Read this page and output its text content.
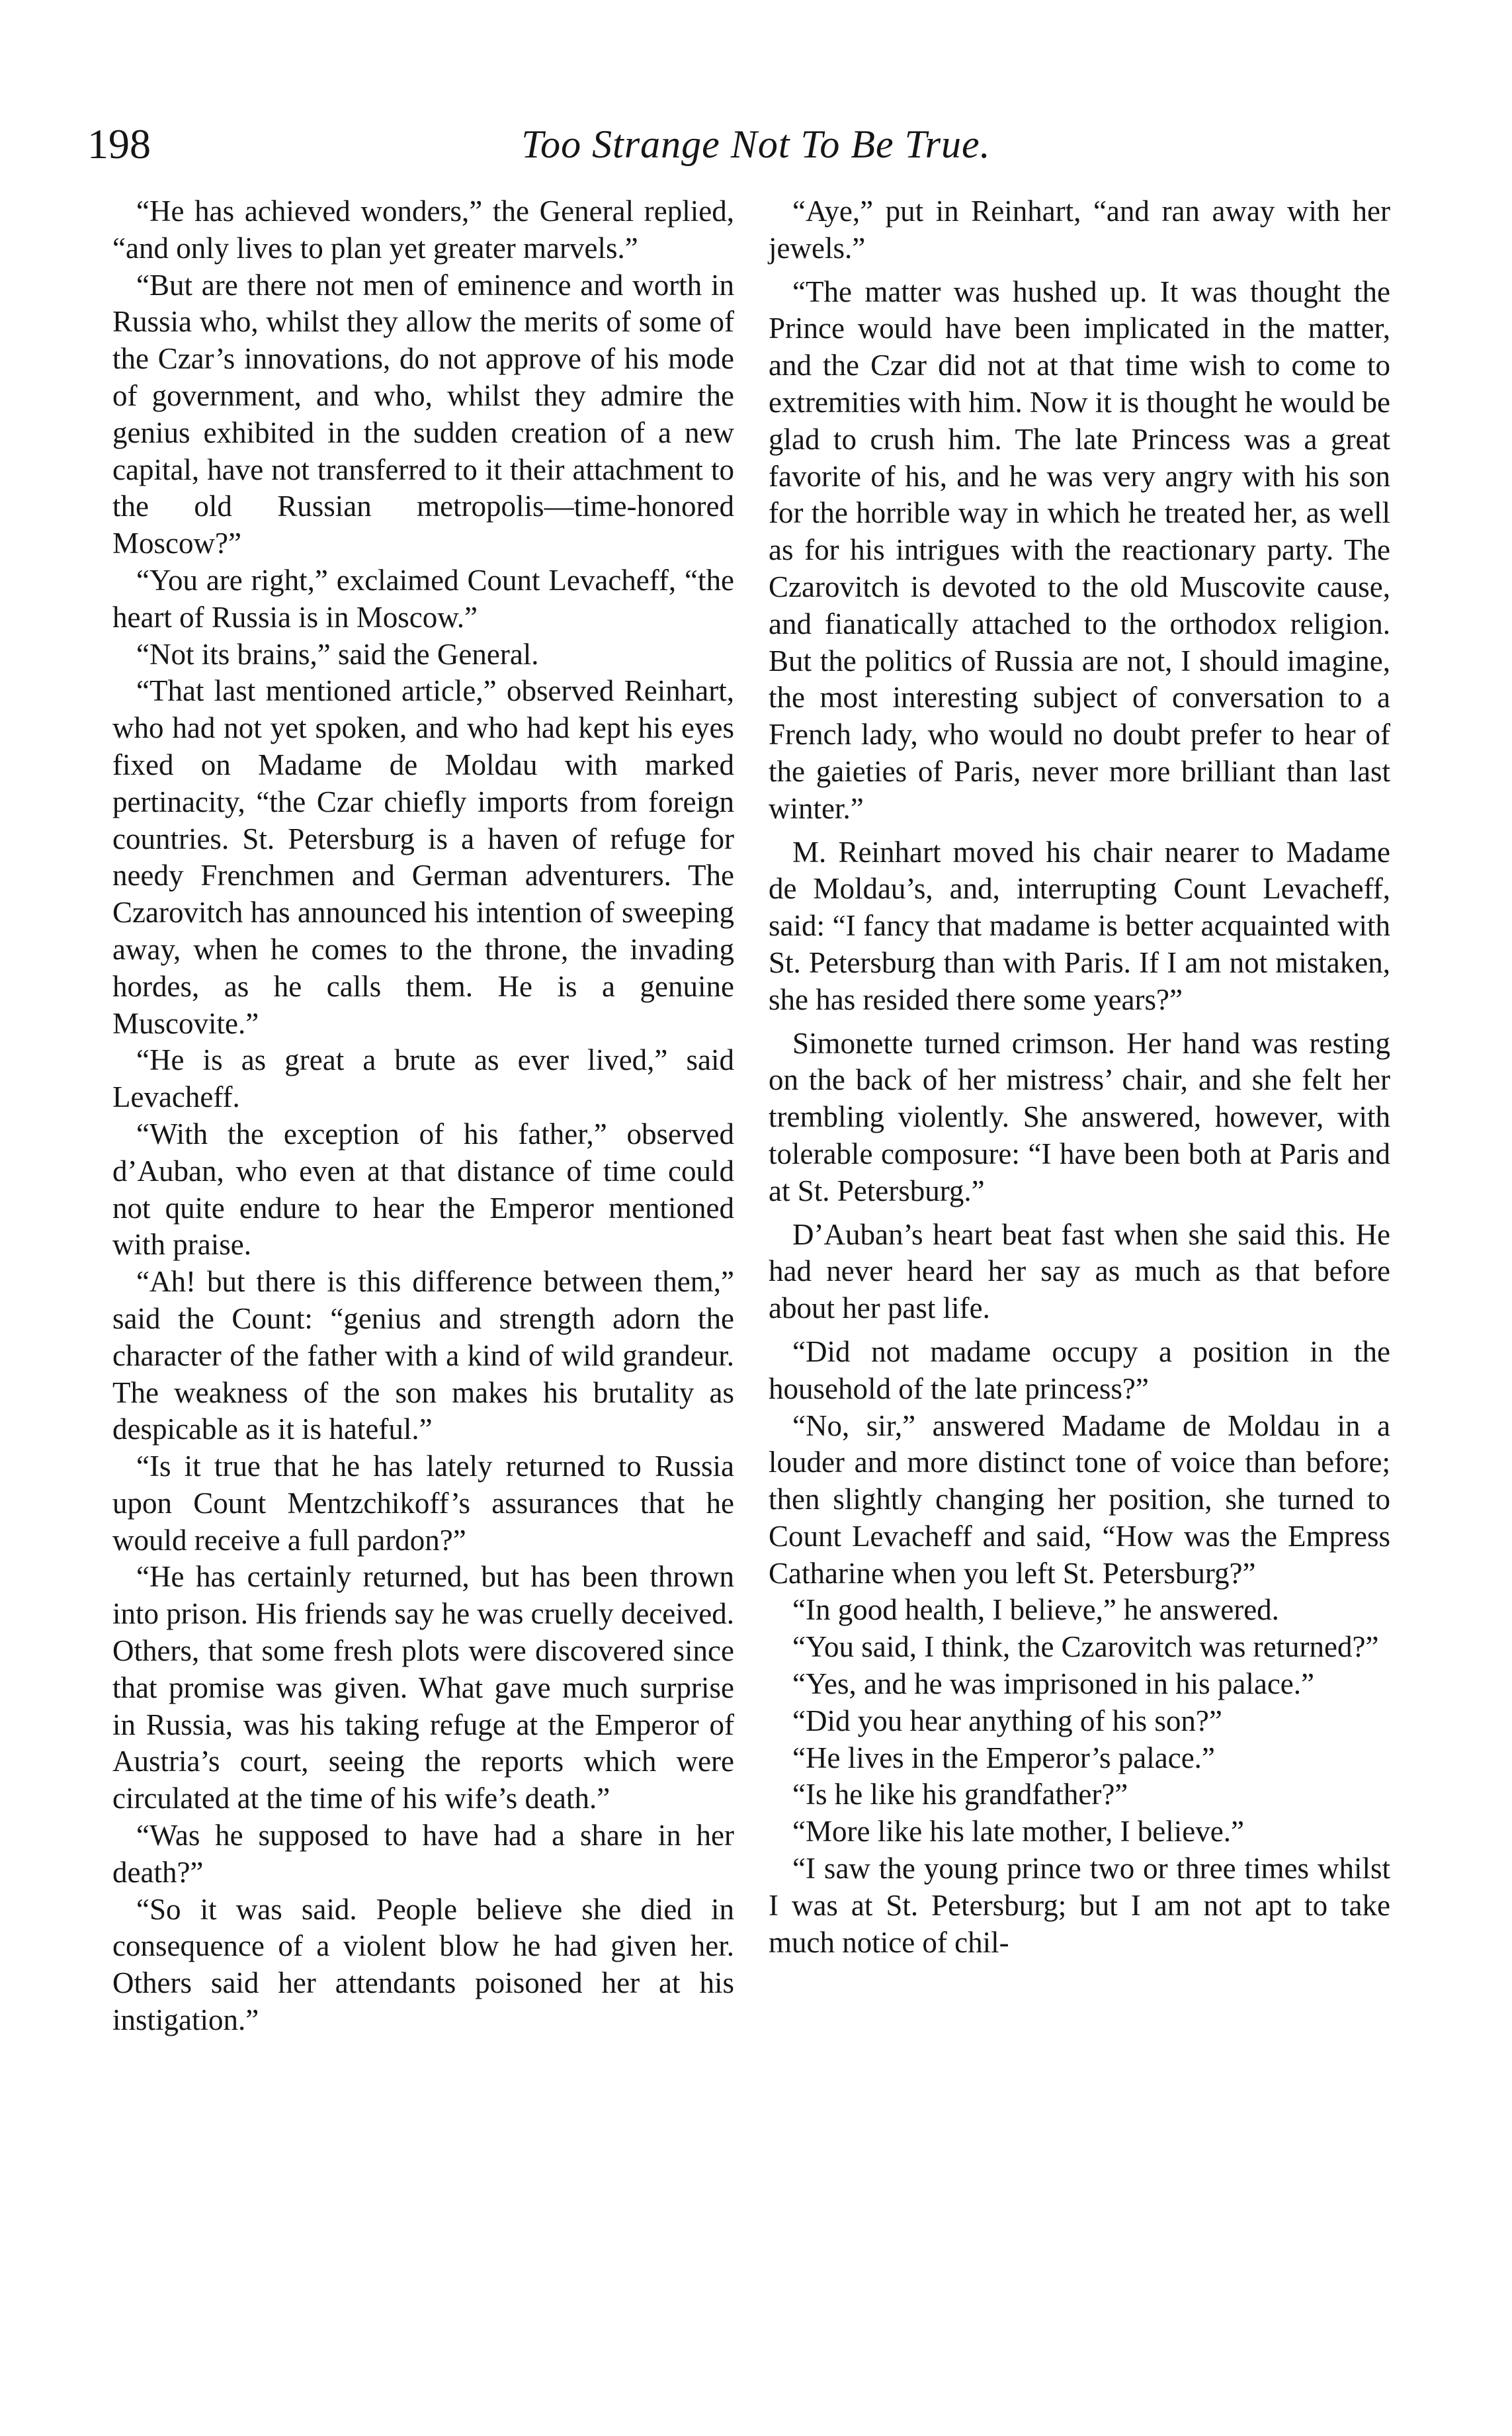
198	Too Strange Not To Be True.

“He has achieved wonders,” the General replied, “and only lives to plan yet greater marvels.”

“But are there not men of eminence and worth in Russia who, whilst they allow the merits of some of the Czar’s innovations, do not approve of his mode of government, and who, whilst they admire the genius exhibited in the sudden creation of a new capital, have not transferred to it their attachment to the old Russian metropolis—time-honored Moscow?”

“You are right,” exclaimed Count Levacheff, “the heart of Russia is in Moscow.”

“Not its brains,” said the General.

“That last mentioned article,” observed Reinhart, who had not yet spoken, and who had kept his eyes fixed on Madame de Moldau with marked pertinacity, “the Czar chiefly imports from foreign countries. St. Petersburg is a haven of refuge for needy Frenchmen and German adventurers. The Czarovitch has announced his intention of sweeping away, when he comes to the throne, the invading hordes, as he calls them. He is a genuine Muscovite.”

“He is as great a brute as ever lived,” said Levacheff.

“With the exception of his father,” observed d’Auban, who even at that distance of time could not quite endure to hear the Emperor mentioned with praise.

“Ah! but there is this difference between them,” said the Count: “genius and strength adorn the character of the father with a kind of wild grandeur. The weakness of the son makes his brutality as despicable as it is hateful.”

“Is it true that he has lately returned to Russia upon Count Mentzchikoff’s assurances that he would receive a full pardon?”

“He has certainly returned, but has been thrown into prison. His friends say he was cruelly deceived. Others, that some fresh plots were discovered since that promise was given. What gave much surprise in Russia, was his taking refuge at the Emperor of Austria’s court, seeing the reports which were circulated at the time of his wife’s death.”

“Was he supposed to have had a share in her death?”

“So it was said. People believe she died in consequence of a violent blow he had given her. Others said her attendants poisoned her at his instigation.”

“Aye,” put in Reinhart, “and ran away with her jewels.”

“The matter was hushed up. It was thought the Prince would have been implicated in the matter, and the Czar did not at that time wish to come to extremities with him. Now it is thought he would be glad to crush him. The late Princess was a great favorite of his, and he was very angry with his son for the horrible way in which he treated her, as well as for his intrigues with the reactionary party. The Czarovitch is devoted to the old Muscovite cause, and fianatically attached to the orthodox religion. But the politics of Russia are not, I should imagine, the most interesting subject of conversation to a French lady, who would no doubt prefer to hear of the gaieties of Paris, never more brilliant than last winter.”

M. Reinhart moved his chair nearer to Madame de Moldau’s, and, interrupting Count Levacheff, said: “I fancy that madame is better acquainted with St. Petersburg than with Paris. If I am not mistaken, she has resided there some years?”

Simonette turned crimson. Her hand was resting on the back of her mistress’ chair, and she felt her trembling violently. She answered, however, with tolerable composure: “I have been both at Paris and at St. Petersburg.”

D’Auban’s heart beat fast when she said this. He had never heard her say as much as that before about her past life.

“Did not madame occupy a position in the household of the late princess?”

“No, sir,” answered Madame de Moldau in a louder and more distinct tone of voice than before; then slightly changing her position, she turned to Count Levacheff and said, “How was the Empress Catharine when you left St. Petersburg?”

“In good health, I believe,” he answered.

“You said, I think, the Czarovitch was returned?”

“Yes, and he was imprisoned in his palace.”

“Did you hear anything of his son?”

“He lives in the Emperor’s palace.”

“Is he like his grandfather?”

“More like his late mother, I believe.”

“I saw the young prince two or three times whilst I was at St. Petersburg; but I am not apt to take much notice of chil-
